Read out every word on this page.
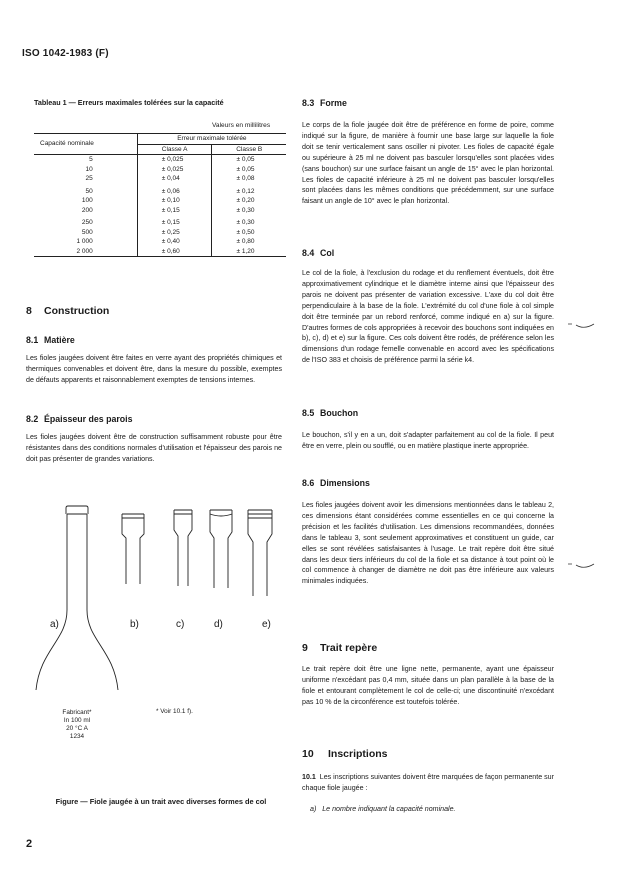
ISO 1042-1983 (F)
Tableau 1 — Erreurs maximales tolérées sur la capacité
Valeurs en millilitres
Capacité nominale	Erreur maximale tolérée	
	Classe A	Classe B
5	± 0,025	± 0,05
10	± 0,025	± 0,05
25	± 0,04	± 0,08
50	± 0,06	± 0,12
100	± 0,10	± 0,20
200	± 0,15	± 0,30
250	± 0,15	± 0,30
500	± 0,25	± 0,50
1 000	± 0,40	± 0,80
2 000	± 0,60	± 1,20
8 Construction
8.1 Matière

Les fioles jaugées doivent être faites en verre ayant des propriétés chimiques et thermiques convenables et doivent être, dans la mesure du possible, exemptes de défauts apparents et raisonnablement exemptes de tensions internes.

8.2 Épaisseur des parois

Les fioles jaugées doivent être de construction suffisamment robuste pour être résistantes dans des conditions normales d'utilisation et l'épaisseur des parois ne doit pas présenter de grandes variations.

a)	b)	c)	d)	e)
Fabricant*
In 100 ml
20 °C A
1234
* Voir 10.1 f).
Figure — Fiole jaugée à un trait avec diverses formes de col
8.3 Forme

Le corps de la fiole jaugée doit être de préférence en forme de poire, comme indiqué sur la figure, de manière à fournir une base large sur laquelle la fiole doit se tenir verticalement sans osciller ni pivoter. Les fioles de capacité égale ou supérieure à 25 ml ne doivent pas basculer lorsqu'elles sont placées vides (sans bouchon) sur une surface faisant un angle de 15° avec le plan horizontal. Les fioles de capacité inférieure à 25 ml ne doivent pas basculer lorsqu'elles sont placées dans les mêmes conditions que précédemment, sur une surface faisant un angle de 10° avec le plan horizontal.

8.4 Col

Le col de la fiole, à l'exclusion du rodage et du renflement éventuels, doit être approximativement cylindrique et le diamètre interne ainsi que l'épaisseur des parois ne doivent pas présenter de variation excessive. L'axe du col doit être perpendiculaire à la base de la fiole. L'extrémité du col d'une fiole à col simple doit être terminée par un rebord renforcé, comme indiqué en a) sur la figure. D'autres formes de cols appropriées à recevoir des bouchons sont indiquées en b), c), d) et e) sur la figure. Ces cols doivent être rodés, de préférence selon les dimensions d'un rodage femelle convenable en accord avec les spécifications de l'ISO 383 et choisis de préférence parmi la série k4.

8.5 Bouchon

Le bouchon, s'il y en a un, doit s'adapter parfaitement au col de la fiole. Il peut être en verre, plein ou soufflé, ou en matière plastique inerte appropriée.

8.6 Dimensions

Les fioles jaugées doivent avoir les dimensions mentionnées dans le tableau 2, ces dimensions étant considérées comme essentielles en ce qui concerne la précision et les facilités d'utilisation. Les dimensions recommandées, données dans le tableau 3, sont seulement approximatives et constituent un guide, car elles se sont révélées satisfaisantes à l'usage. Le trait repère doit être situé dans les deux tiers inférieurs du col de la fiole et sa distance à tout point où le col commence à changer de diamètre ne doit pas être inférieure aux valeurs minimales indiquées.

9 Trait repère

Le trait repère doit être une ligne nette, permanente, ayant une épaisseur uniforme n'excédant pas 0,4 mm, située dans un plan parallèle à la base de la fiole et entourant complètement le col de celle-ci; une discontinuité n'excédant pas 10 % de la circonférence est toutefois tolérée.

10 Inscriptions

10.1 Les inscriptions suivantes doivent être marquées de façon permanente sur chaque fiole jaugée :

a) Le nombre indiquant la capacité nominale.

2
